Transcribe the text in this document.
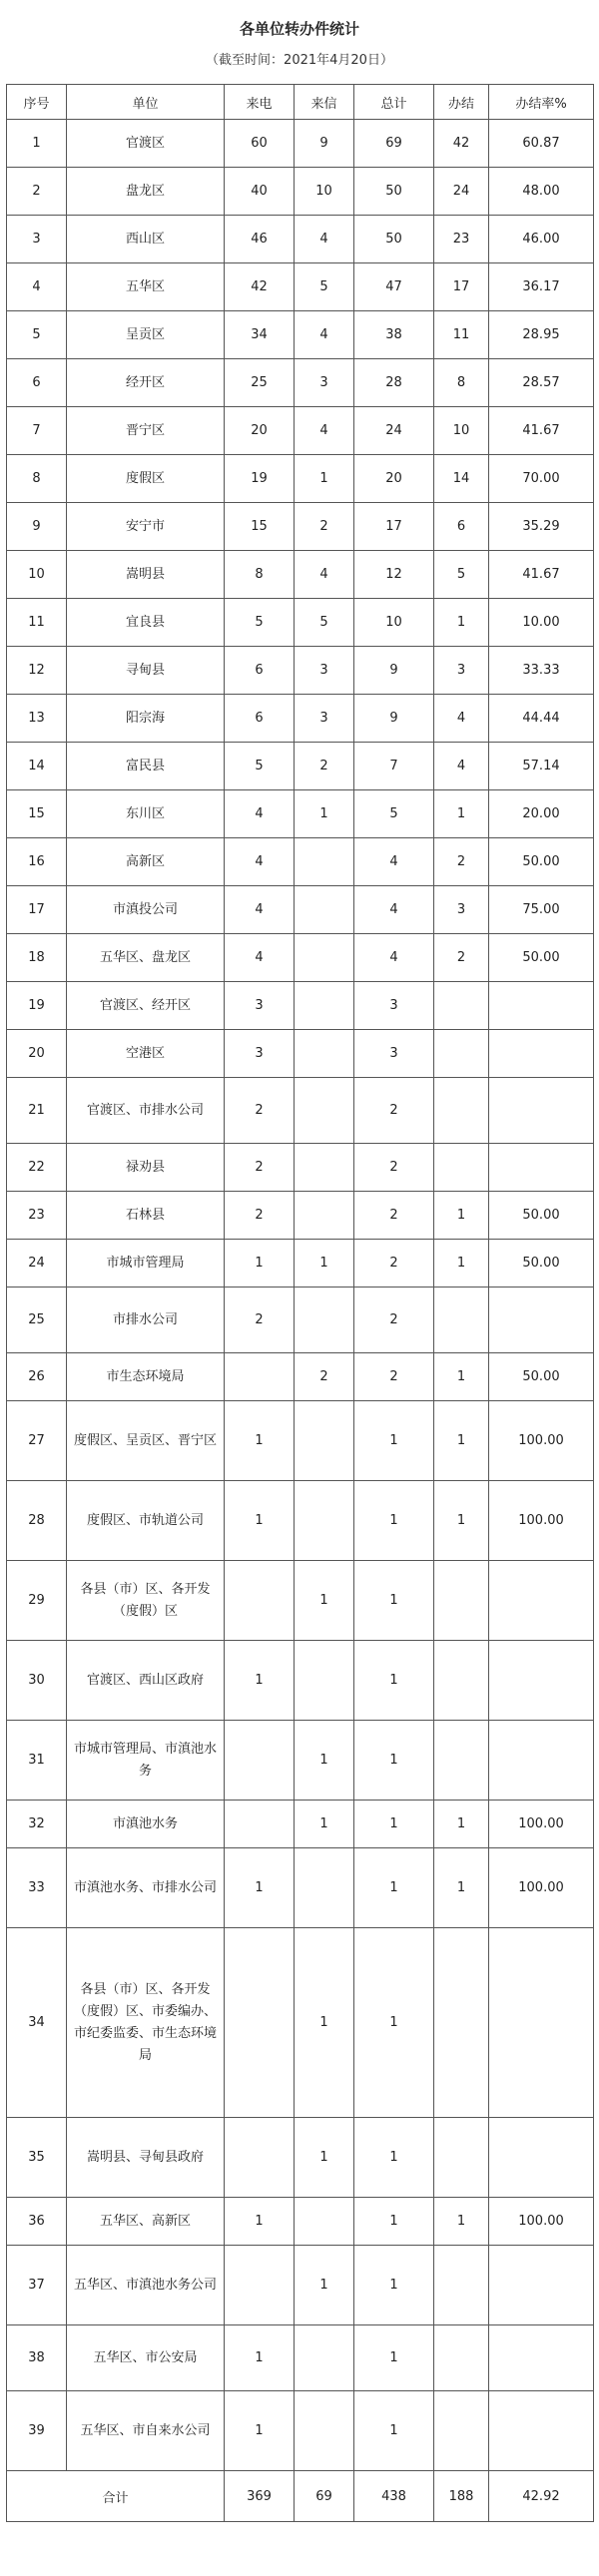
各单位转办件统计
（截至时间：2021年4月20日）
序号	单位	来电	来信	总计	办结	办结率%
1	官渡区	60	9	69	42	60.87
2	盘龙区	40	10	50	24	48.00
3	西山区	46	4	50	23	46.00
4	五华区	42	5	47	17	36.17
5	呈贡区	34	4	38	11	28.95
6	经开区	25	3	28	8	28.57
7	晋宁区	20	4	24	10	41.67
8	度假区	19	1	20	14	70.00
9	安宁市	15	2	17	6	35.29
10	嵩明县	8	4	12	5	41.67
11	宜良县	5	5	10	1	10.00
12	寻甸县	6	3	9	3	33.33
13	阳宗海	6	3	9	4	44.44
14	富民县	5	2	7	4	57.14
15	东川区	4	1	5	1	20.00
16	高新区	4		4	2	50.00
17	市滇投公司	4		4	3	75.00
18	五华区、盘龙区	4		4	2	50.00
19	官渡区、经开区	3		3		
20	空港区	3		3		
21	官渡区、市排水公司	2		2		
22	禄劝县	2		2		
23	石林县	2		2	1	50.00
24	市城市管理局	1	1	2	1	50.00
25	市排水公司	2		2		
26	市生态环境局		2	2	1	50.00
27	度假区、呈贡区、晋宁区	1		1	1	100.00
28	度假区、市轨道公司	1		1	1	100.00
29	各县（市）区、各开发（度假）区		1	1		
30	官渡区、西山区政府	1		1		
31	市城市管理局、市滇池水务		1	1		
32	市滇池水务		1	1	1	100.00
33	市滇池水务、市排水公司	1		1	1	100.00
34	各县（市）区、各开发（度假）区、市委编办、市纪委监委、市生态环境局		1	1		
35	嵩明县、寻甸县政府		1	1		
36	五华区、高新区	1		1	1	100.00
37	五华区、市滇池水务公司		1	1		
38	五华区、市公安局	1		1		
39	五华区、市自来水公司	1		1		
合计		369	69	438	188	42.92
